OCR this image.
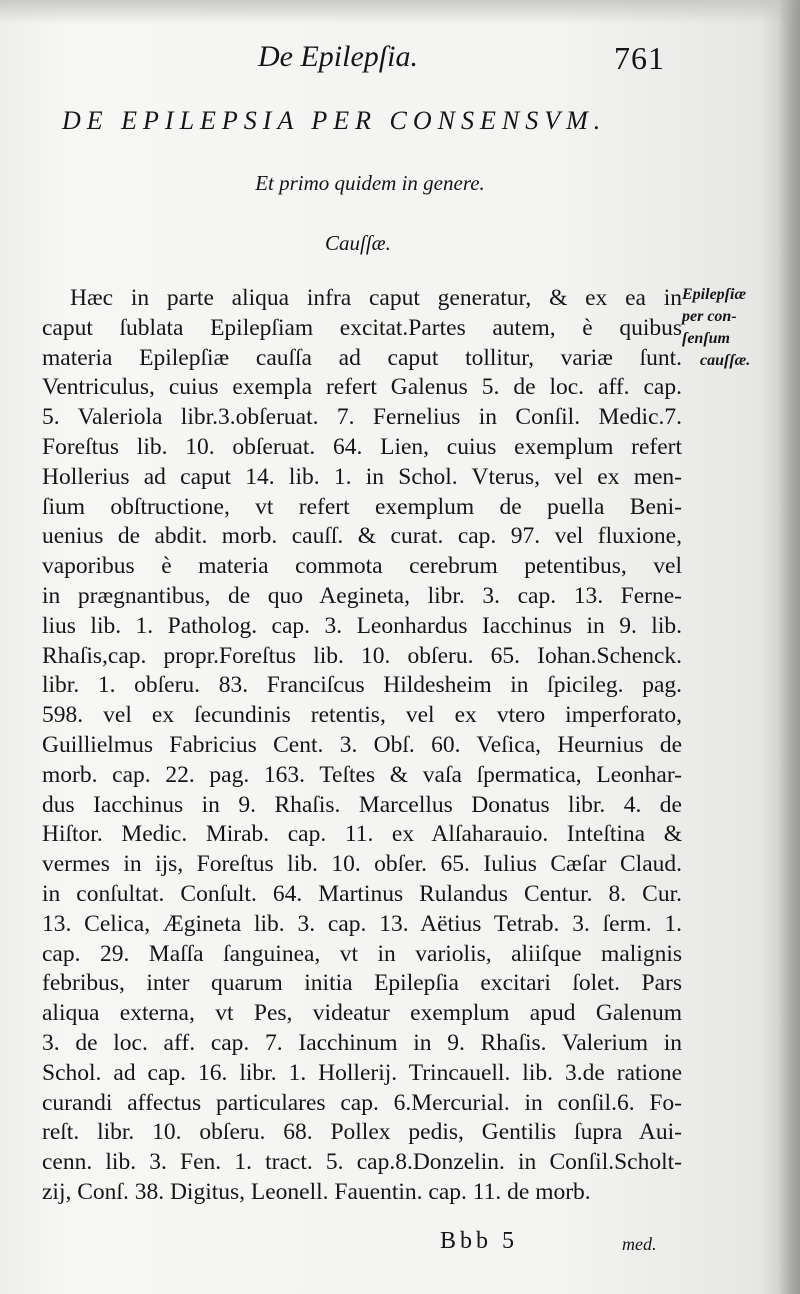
De Epilepſia.	761
DE EPILEPSIA PER CONSENSVM.
Et primo quidem in genere.
Cauſſæ.
Hæc in parte aliqua infra caput generatur, & ex ea in
caput ſublata Epilepſiam excitat.Partes autem, è quibus
materia Epilepſiæ cauſſa ad caput tollitur, variæ ſunt.
Ventriculus, cuius exempla refert Galenus 5. de loc. aff. cap.
5. Valeriola libr.3.obſeruat. 7. Fernelius in Conſil. Medic.7.
Foreſtus lib. 10. obſeruat. 64. Lien, cuius exemplum refert
Hollerius ad caput 14. lib. 1. in Schol. Vterus, vel ex men-
ſium obſtructione, vt refert exemplum de puella Beni-
uenius de abdit. morb. cauſſ. & curat. cap. 97. vel fluxione,
vaporibus è materia commota cerebrum petentibus, vel
in prægnantibus, de quo Aegineta, libr. 3. cap. 13. Ferne-
lius lib. 1. Patholog. cap. 3. Leonhardus Iacchinus in 9. lib.
Rhaſis,cap. propr.Foreſtus lib. 10. obſeru. 65. Iohan.Schenck.
libr. 1. obſeru. 83. Franciſcus Hildesheim in ſpicileg. pag.
598. vel ex ſecundinis retentis, vel ex vtero imperforato,
Guillielmus Fabricius Cent. 3. Obſ. 60. Veſica, Heurnius de
morb. cap. 22. pag. 163. Teſtes & vaſa ſpermatica, Leonhar-
dus Iacchinus in 9. Rhaſis. Marcellus Donatus libr. 4. de
Hiſtor. Medic. Mirab. cap. 11. ex Alſaharauio. Inteſtina &
vermes in ijs, Foreſtus lib. 10. obſer. 65. Iulius Cæſar Claud.
in conſultat. Conſult. 64. Martinus Rulandus Centur. 8. Cur.
13. Celica, Ægineta lib. 3. cap. 13. Aëtius Tetrab. 3. ſerm. 1.
cap. 29. Maſſa ſanguinea, vt in variolis, aliiſque malignis
febribus, inter quarum initia Epilepſia excitari ſolet. Pars
aliqua externa, vt Pes, videatur exemplum apud Galenum
3. de loc. aff. cap. 7. Iacchinum in 9. Rhaſis. Valerium in
Schol. ad cap. 16. libr. 1. Hollerij. Trincauell. lib. 3.de ratione
curandi affectus particulares cap. 6.Mercurial. in conſil.6. Fo-
reſt. libr. 10. obſeru. 68. Pollex pedis, Gentilis ſupra Aui-
cenn. lib. 3. Fen. 1. tract. 5. cap.8.Donzelin. in Conſil.Scholt-
zij, Conſ. 38. Digitus, Leonell. Fauentin. cap. 11. de morb.
Epilepſiæ
per con-
ſenſum
cauſſæ.
Bbb 5	med.
